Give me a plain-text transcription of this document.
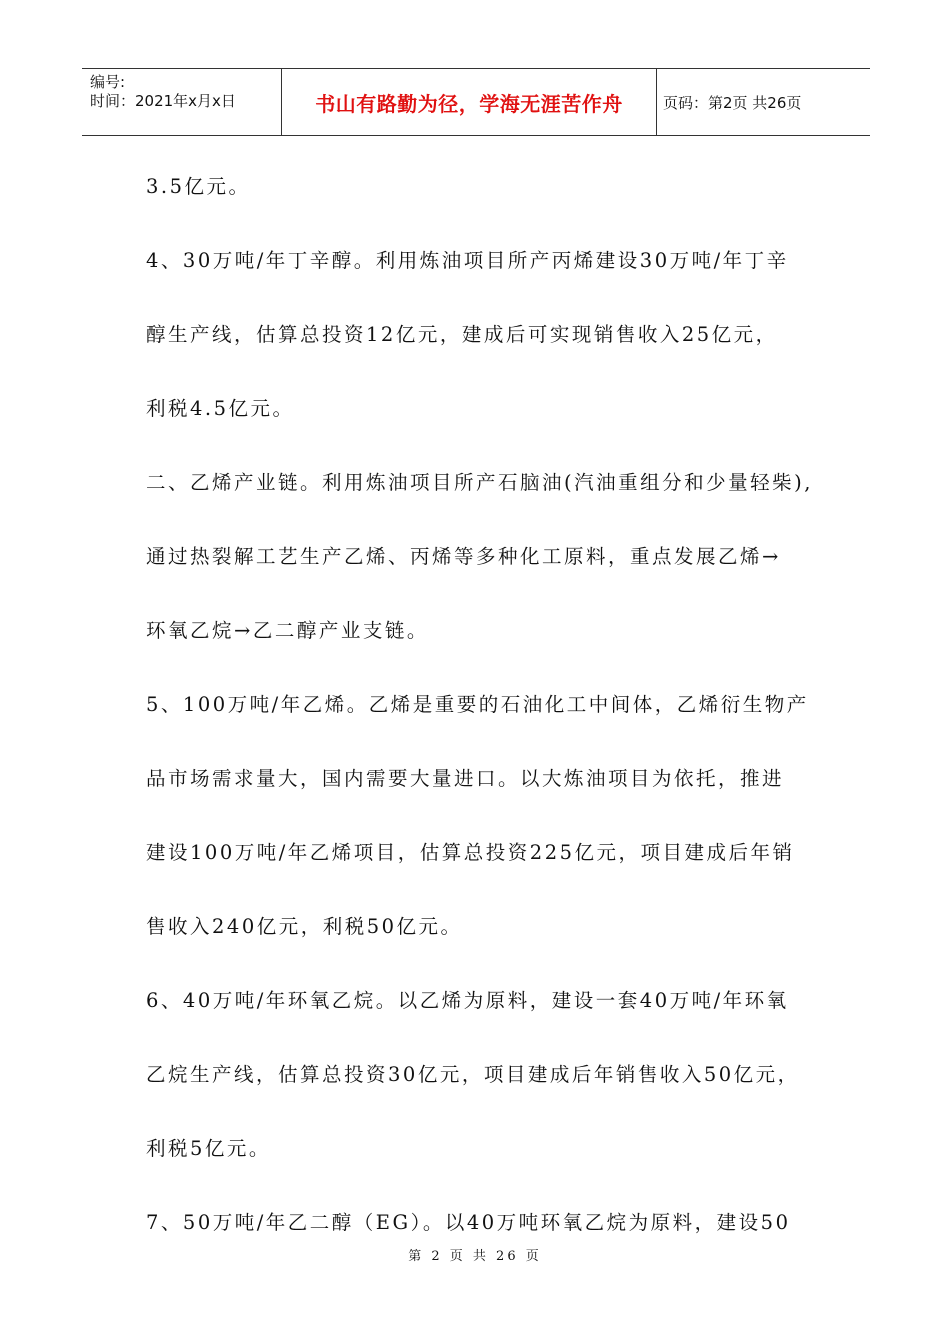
编号:
时间：2021年x月x日	书山有路勤为径，学海无涯苦作舟	页码：第2页 共26页
3.5亿元。
4、30万吨/年丁辛醇。利用炼油项目所产丙烯建设30万吨/年丁辛
醇生产线，估算总投资12亿元，建成后可实现销售收入25亿元，
利税4.5亿元。
二、乙烯产业链。利用炼油项目所产石脑油(汽油重组分和少量轻柴),
通过热裂解工艺生产乙烯、丙烯等多种化工原料，重点发展乙烯→
环氧乙烷→乙二醇产业支链。
5、100万吨/年乙烯。乙烯是重要的石油化工中间体，乙烯衍生物产
品市场需求量大，国内需要大量进口。以大炼油项目为依托，推进
建设100万吨/年乙烯项目，估算总投资225亿元，项目建成后年销
售收入240亿元，利税50亿元。
6、40万吨/年环氧乙烷。以乙烯为原料，建设一套40万吨/年环氧
乙烷生产线，估算总投资30亿元，项目建成后年销售收入50亿元，
利税5亿元。
7、50万吨/年乙二醇（EG）。以40万吨环氧乙烷为原料，建设50
第 2 页 共 26 页
